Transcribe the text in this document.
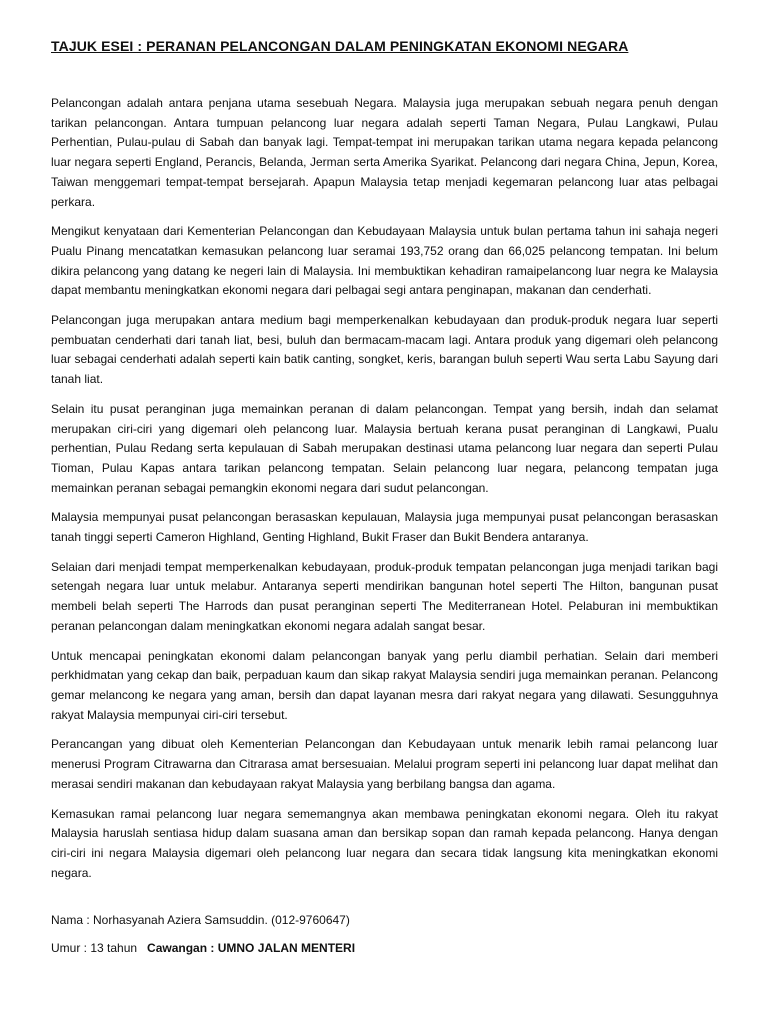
TAJUK ESEI : PERANAN PELANCONGAN DALAM PENINGKATAN EKONOMI NEGARA

Pelancongan adalah antara penjana utama sesebuah Negara. Malaysia juga merupakan sebuah negara penuh dengan tarikan pelancongan. Antara tumpuan pelancong luar negara adalah seperti Taman Negara, Pulau Langkawi, Pulau Perhentian, Pulau-pulau di Sabah dan banyak lagi. Tempat-tempat ini merupakan tarikan utama negara kepada pelancong luar negara seperti England, Perancis, Belanda, Jerman serta Amerika Syarikat. Pelancong dari negara China, Jepun, Korea, Taiwan menggemari tempat-tempat bersejarah. Apapun Malaysia tetap menjadi kegemaran pelancong luar atas pelbagai perkara.

Mengikut kenyataan dari Kementerian Pelancongan dan Kebudayaan Malaysia untuk bulan pertama tahun ini sahaja negeri Pualu Pinang mencatatkan kemasukan pelancong luar seramai 193,752 orang dan 66,025 pelancong tempatan. Ini belum dikira pelancong yang datang ke negeri lain di Malaysia. Ini membuktikan kehadiran ramaipelancong luar negra ke Malaysia dapat membantu meningkatkan ekonomi negara dari pelbagai segi antara penginapan, makanan dan cenderhati.

Pelancongan juga merupakan antara medium bagi memperkenalkan kebudayaan dan produk-produk negara luar seperti pembuatan cenderhati dari tanah liat, besi, buluh dan bermacam-macam lagi. Antara produk yang digemari oleh pelancong luar sebagai cenderhati adalah seperti kain batik canting, songket, keris, barangan buluh seperti Wau serta Labu Sayung dari tanah liat.

Selain itu pusat peranginan juga memainkan peranan di dalam pelancongan. Tempat yang bersih, indah dan selamat merupakan ciri-ciri yang digemari oleh pelancong luar. Malaysia bertuah kerana pusat peranginan di Langkawi, Pualu perhentian, Pulau Redang serta kepulauan di Sabah merupakan destinasi utama pelancong luar negara dan seperti Pulau Tioman, Pulau Kapas antara tarikan pelancong tempatan. Selain pelancong luar negara, pelancong tempatan juga memainkan peranan sebagai pemangkin ekonomi negara dari sudut pelancongan.

Malaysia mempunyai pusat pelancongan berasaskan kepulauan, Malaysia juga mempunyai pusat pelancongan berasaskan tanah tinggi seperti Cameron Highland, Genting Highland, Bukit Fraser dan Bukit Bendera antaranya.

Selaian dari menjadi tempat memperkenalkan kebudayaan, produk-produk tempatan pelancongan juga menjadi tarikan bagi setengah negara luar untuk melabur. Antaranya seperti mendirikan bangunan hotel seperti The Hilton, bangunan pusat membeli belah seperti The Harrods dan pusat peranginan seperti The Mediterranean Hotel. Pelaburan ini membuktikan peranan pelancongan dalam meningkatkan ekonomi negara adalah sangat besar.

Untuk mencapai peningkatan ekonomi dalam pelancongan banyak yang perlu diambil perhatian. Selain dari memberi perkhidmatan yang cekap dan baik, perpaduan kaum dan sikap rakyat Malaysia sendiri juga memainkan peranan. Pelancong gemar melancong ke negara yang aman, bersih dan dapat layanan mesra dari rakyat negara yang dilawati. Sesungguhnya rakyat Malaysia mempunyai ciri-ciri tersebut.

Perancangan yang dibuat oleh Kementerian Pelancongan dan Kebudayaan untuk menarik lebih ramai pelancong luar menerusi Program Citrawarna dan Citrarasa amat bersesuaian. Melalui program seperti ini pelancong luar dapat melihat dan merasai sendiri makanan dan kebudayaan rakyat Malaysia yang berbilang bangsa dan agama.

Kemasukan ramai pelancong luar negara sememangnya akan membawa peningkatan ekonomi negara. Oleh itu rakyat Malaysia haruslah sentiasa hidup dalam suasana aman dan bersikap sopan dan ramah kepada pelancong. Hanya dengan ciri-ciri ini negara Malaysia digemari oleh pelancong luar negara dan secara tidak langsung kita meningkatkan ekonomi negara.

Nama : Norhasyanah Aziera Samsuddin. (012-9760647)
Umur : 13 tahun Cawangan : UMNO JALAN MENTERI
